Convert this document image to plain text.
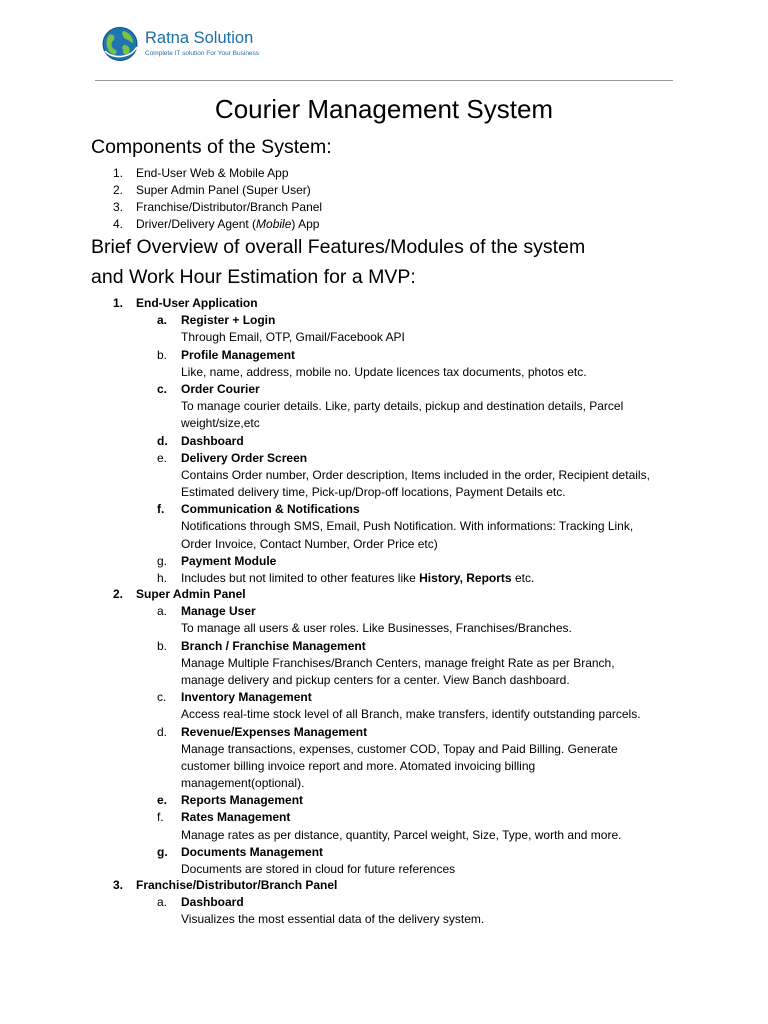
Ratna Solution
Complete IT solution For Your Business
Courier Management System
Components of the System:
1.	End-User Web & Mobile App
2.	Super Admin Panel (Super User)
3.	Franchise/Distributor/Branch Panel
4.	Driver/Delivery Agent (Mobile) App
Brief Overview of overall Features/Modules of the system
and Work Hour Estimation for a MVP:
1.	End-User Application
a.	Register + Login
Through Email, OTP, Gmail/Facebook API
b.	Profile Management
Like, name, address, mobile no. Update licences tax documents, photos etc.
c.	Order Courier
To manage courier details. Like, party details, pickup and destination details, Parcel
weight/size,etc
d.	Dashboard
e.	Delivery Order Screen
Contains Order number, Order description, Items included in the order, Recipient details,
Estimated delivery time, Pick-up/Drop-off locations, Payment Details etc.
f.	Communication & Notifications
Notifications through SMS, Email, Push Notification. With informations: Tracking Link,
Order Invoice, Contact Number, Order Price etc)
g.	Payment Module
h.	Includes but not limited to other features like History, Reports etc.
2.	Super Admin Panel
a.	Manage User
To manage all users & user roles. Like Businesses, Franchises/Branches.
b.	Branch / Franchise Management
Manage Multiple Franchises/Branch Centers, manage freight Rate as per Branch,
manage delivery and pickup centers for a center. View Banch dashboard.
c.	Inventory Management
Access real-time stock level of all Branch, make transfers, identify outstanding parcels.
d.	Revenue/Expenses Management
Manage transactions, expenses, customer COD, Topay and Paid Billing. Generate
customer billing invoice report and more. Atomated invoicing billing
management(optional).
e.	Reports Management
f.	Rates Management
Manage rates as per distance, quantity, Parcel weight, Size, Type, worth and more.
g.	Documents Management
Documents are stored in cloud for future references
3.	Franchise/Distributor/Branch Panel
a.	Dashboard
Visualizes the most essential data of the delivery system.
